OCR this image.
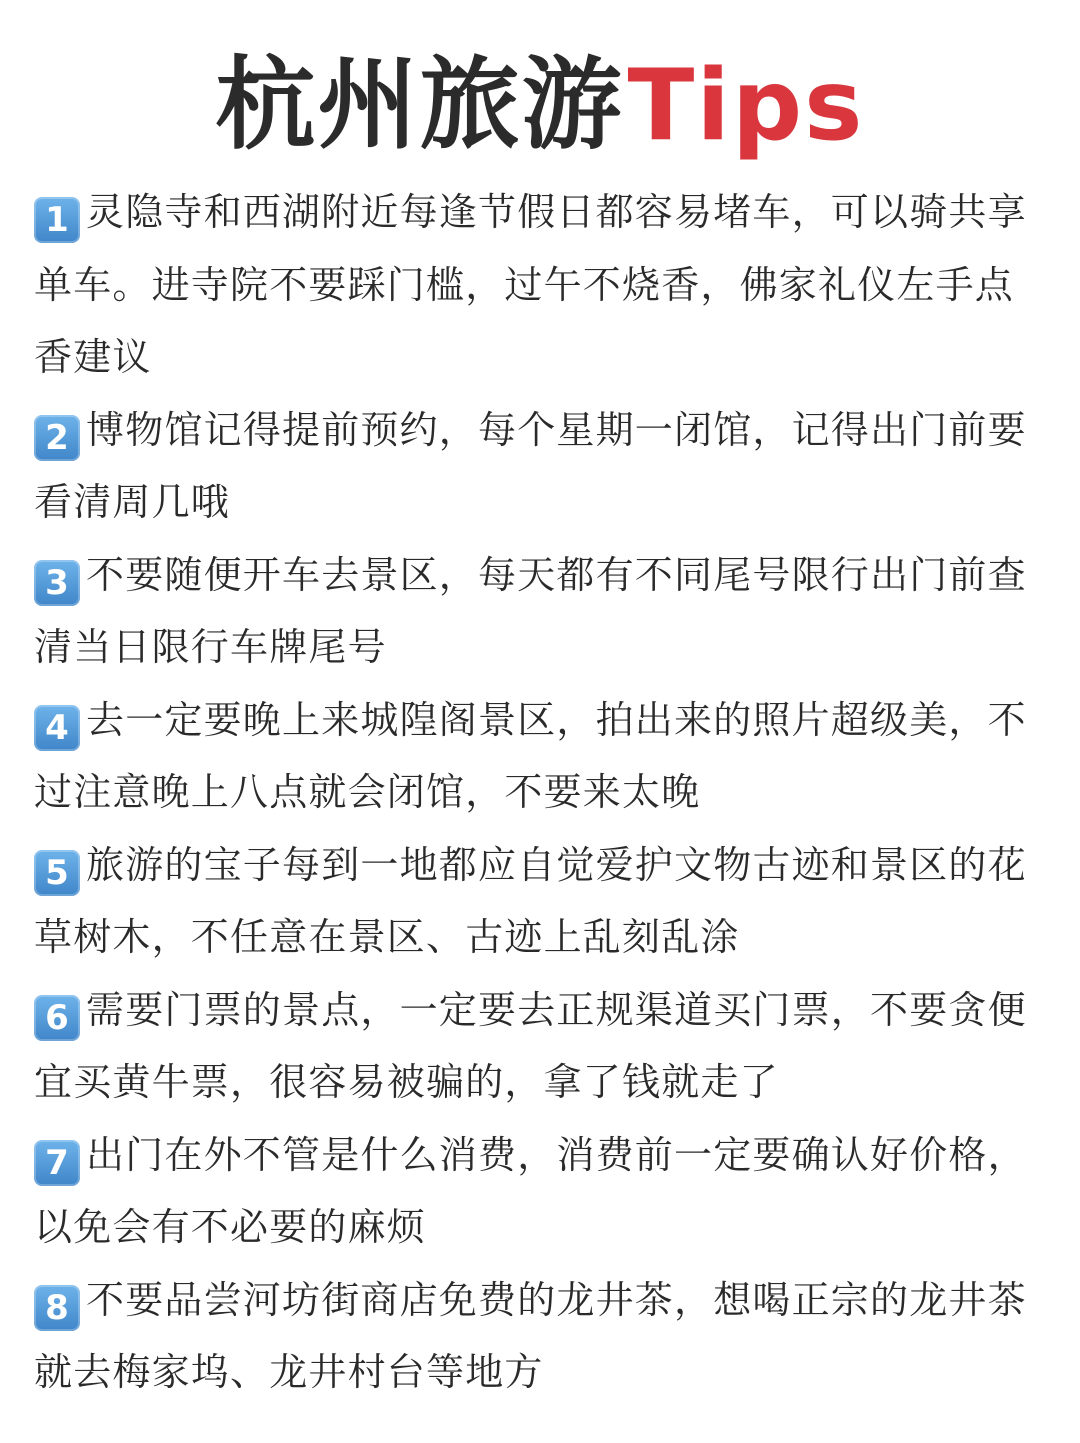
杭州旅游Tips

1 灵隐寺和西湖附近每逢节假日都容易堵车，可以骑共享单车。进寺院不要踩门槛，过午不烧香，佛家礼仪左手点香建议

2 博物馆记得提前预约，每个星期一闭馆，记得出门前要看清周几哦

3 不要随便开车去景区，每天都有不同尾号限行出门前查清当日限行车牌尾号

4 去一定要晚上来城隍阁景区，拍出来的照片超级美，不过注意晚上八点就会闭馆，不要来太晚

5 旅游的宝子每到一地都应自觉爱护文物古迹和景区的花草树木，不任意在景区、古迹上乱刻乱涂

6 需要门票的景点，一定要去正规渠道买门票，不要贪便宜买黄牛票，很容易被骗的，拿了钱就走了

7 出门在外不管是什么消费，消费前一定要确认好价格，以免会有不必要的麻烦

8 不要品尝河坊街商店免费的龙井茶，想喝正宗的龙井茶就去梅家坞、龙井村台等地方
